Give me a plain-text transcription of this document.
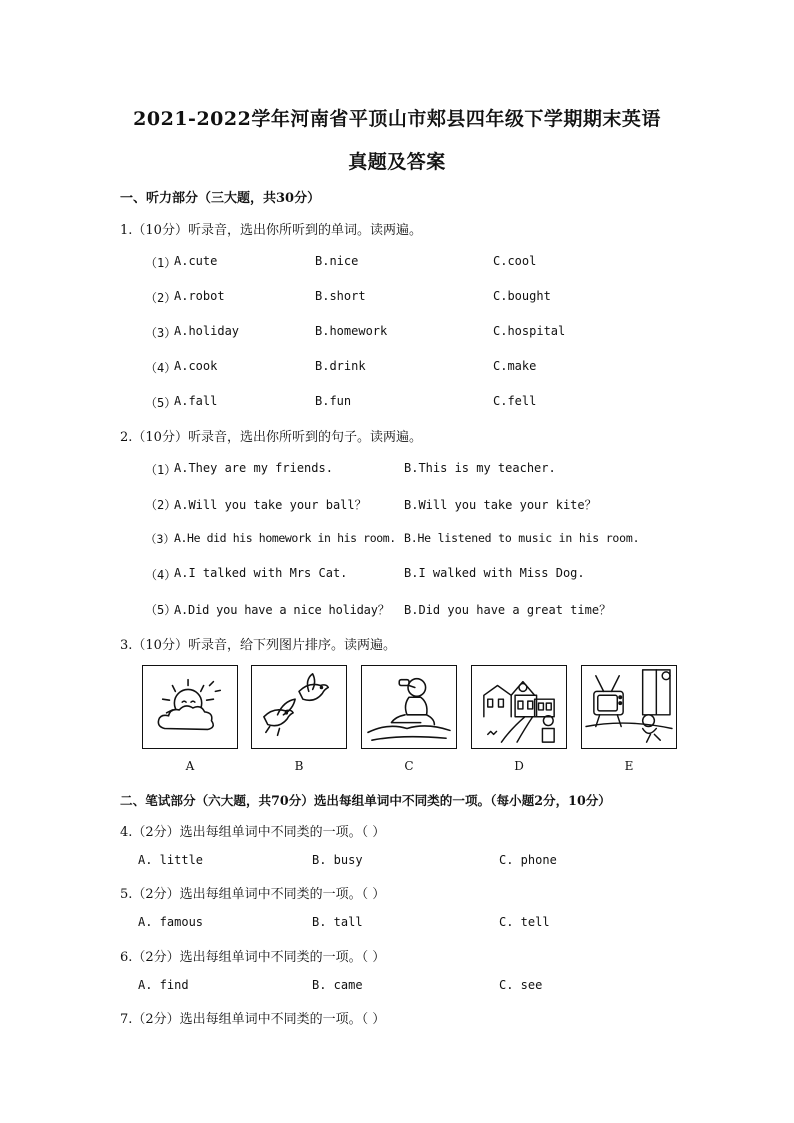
2021-2022学年河南省平顶山市郏县四年级下学期期末英语
真题及答案
一、听力部分（三大题，共30分）
1.（10分）听录音，选出你所听到的单词。读两遍。
（1）
A.cute	B.nice	C.cool
（2）
A.robot	B.short	C.bought
（3）
A.holiday	B.homework	C.hospital
（4）
A.cook	B.drink	C.make
（5）
A.fall	B.fun	C.fell
2.（10分）听录音，选出你所听到的句子。读两遍。
（1）
A.They are my friends.	B.This is my teacher.
（2）
A.Will you take your ball？	B.Will you take your kite？
（3） A.He did his homework in his room. B.He listened to music in his room.
（4）
A.I talked with Mrs Cat.	B.I walked with Miss Dog.
（5）
A.Did you have a nice holiday？ B.Did you have a great time？
3.（10分）听录音，给下列图片排序。读两遍。
A	B	C	D	E
二、笔试部分（六大题，共70分）选出每组单词中不同类的一项。（每小题2分，10分）
4.（2分）选出每组单词中不同类的一项。（ ）
A. little	B. busy	C. phone
5.（2分）选出每组单词中不同类的一项。（ ）
A. famous	B. tall	C. tell
6.（2分）选出每组单词中不同类的一项。（ ）
A. find	B. came	C. see
7.（2分）选出每组单词中不同类的一项。（ ）
